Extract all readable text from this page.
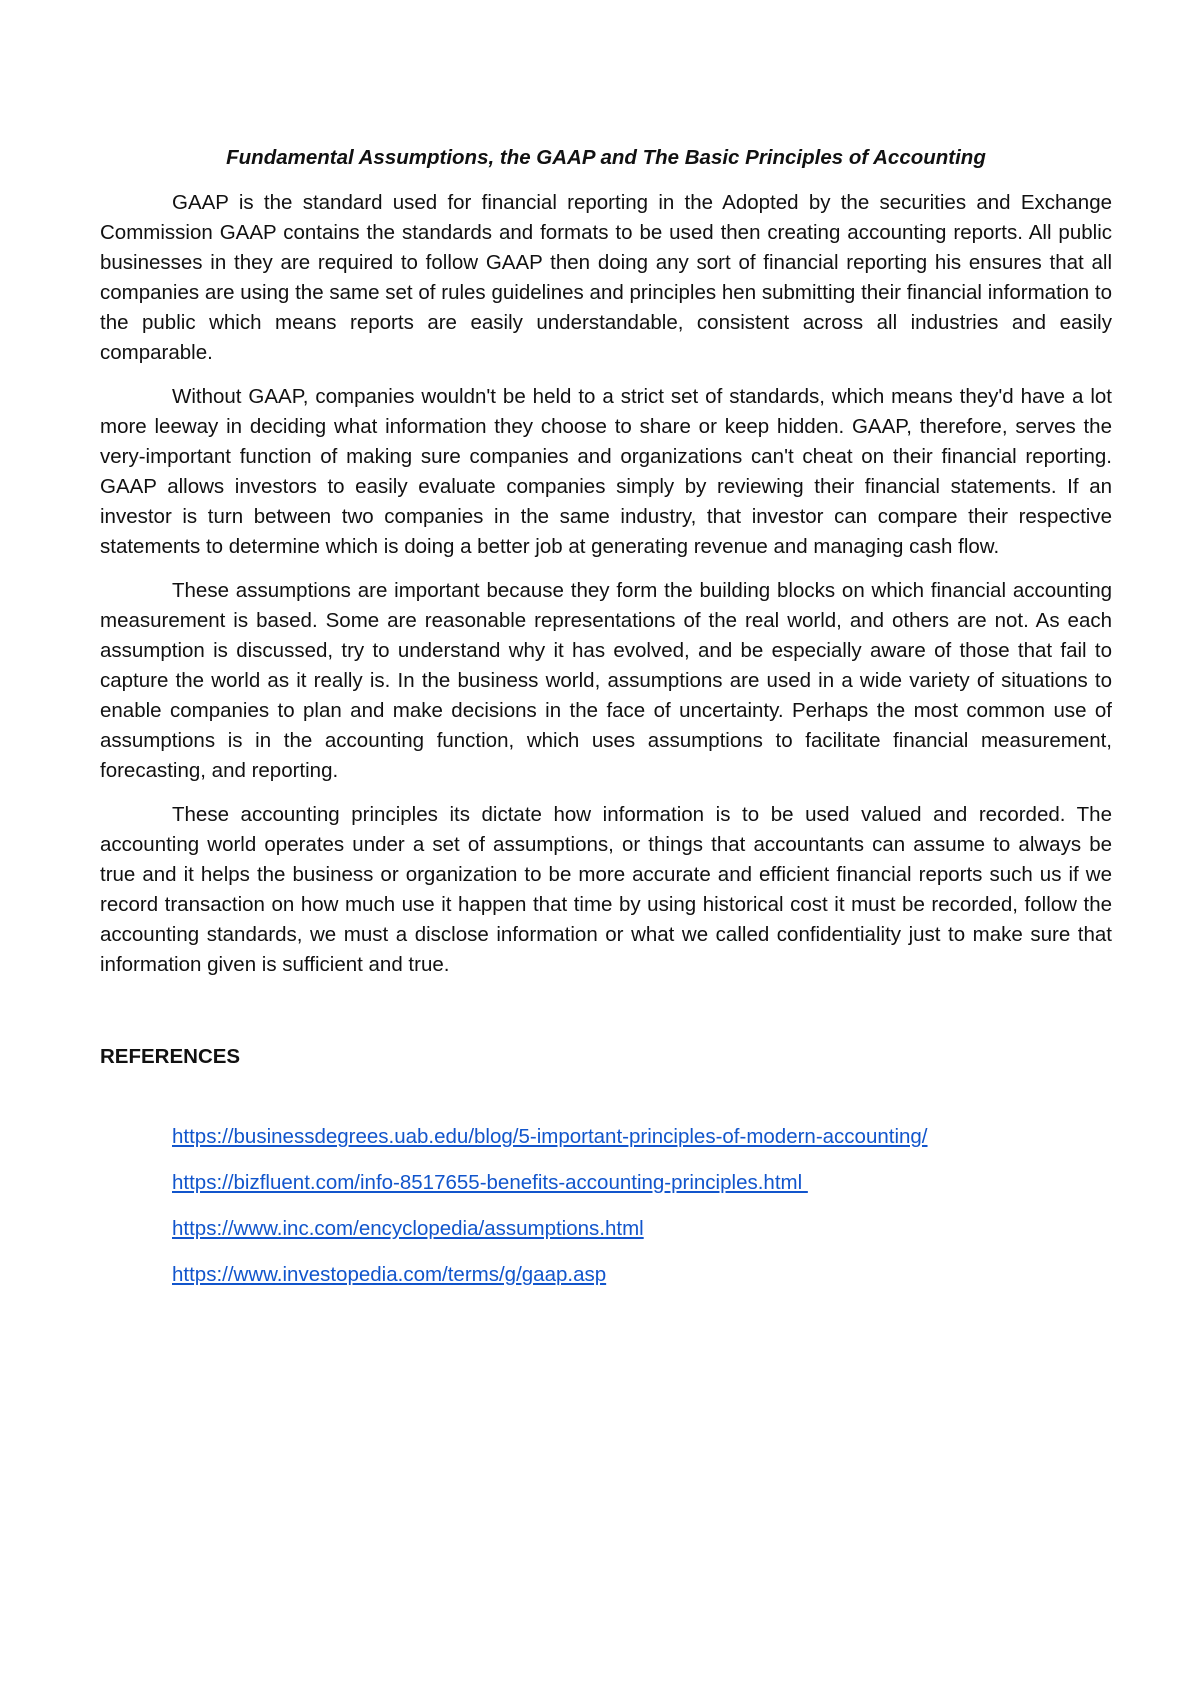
Fundamental Assumptions, the GAAP and The Basic Principles of Accounting

GAAP is the standard used for financial reporting in the Adopted by the securities and Exchange Commission GAAP contains the standards and formats to be used then creating accounting reports. All public businesses in they are required to follow GAAP then doing any sort of financial reporting his ensures that all companies are using the same set of rules guidelines and principles hen submitting their financial information to the public which means reports are easily understandable, consistent across all industries and easily comparable.

Without GAAP, companies wouldn't be held to a strict set of standards, which means they'd have a lot more leeway in deciding what information they choose to share or keep hidden. GAAP, therefore, serves the very-important function of making sure companies and organizations can't cheat on their financial reporting. GAAP allows investors to easily evaluate companies simply by reviewing their financial statements. If an investor is turn between two companies in the same industry, that investor can compare their respective statements to determine which is doing a better job at generating revenue and managing cash flow.

These assumptions are important because they form the building blocks on which financial accounting measurement is based. Some are reasonable representations of the real world, and others are not. As each assumption is discussed, try to understand why it has evolved, and be especially aware of those that fail to capture the world as it really is. In the business world, assumptions are used in a wide variety of situations to enable companies to plan and make decisions in the face of uncertainty. Perhaps the most common use of assumptions is in the accounting function, which uses assumptions to facilitate financial measurement, forecasting, and reporting.

These accounting principles its dictate how information is to be used valued and recorded. The accounting world operates under a set of assumptions, or things that accountants can assume to always be true and it helps the business or organization to be more accurate and efficient financial reports such us if we record transaction on how much use it happen that time by using historical cost it must be recorded, follow the accounting standards, we must a disclose information or what we called confidentiality just to make sure that information given is sufficient and true.

REFERENCES
https://businessdegrees.uab.edu/blog/5-important-principles-of-modern-accounting/
https://bizfluent.com/info-8517655-benefits-accounting-principles.html
https://www.inc.com/encyclopedia/assumptions.html
https://www.investopedia.com/terms/g/gaap.asp
